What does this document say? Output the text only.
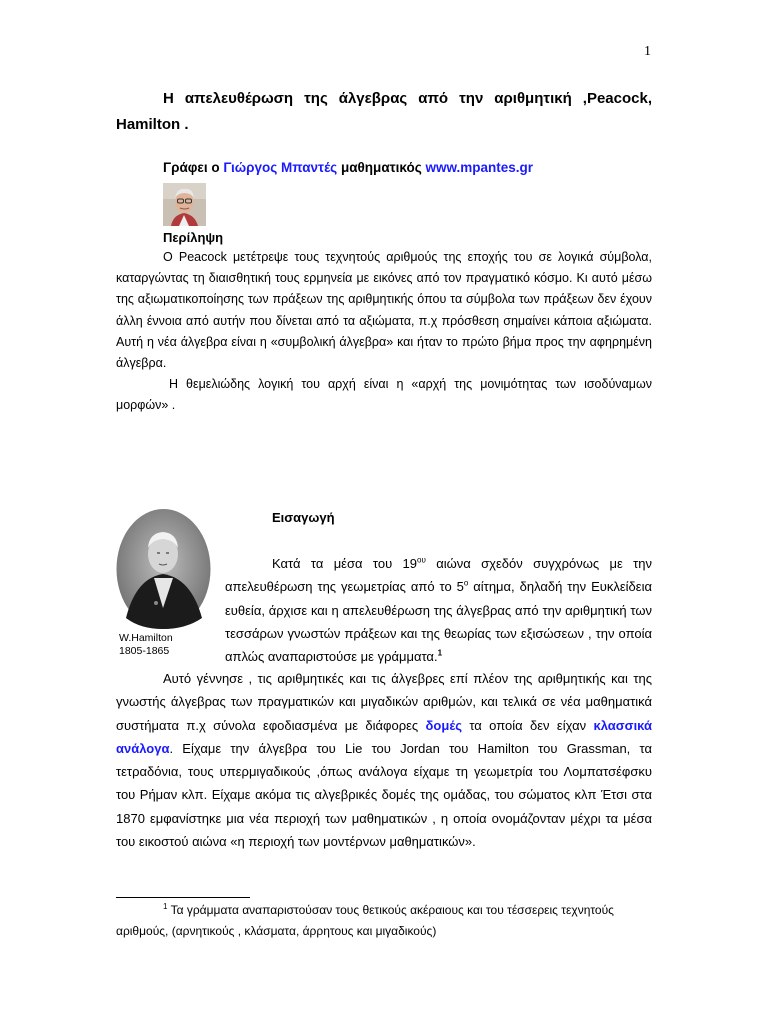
1
Η απελευθέρωση της άλγεβρας από την αριθμητική ,Peacock,
Hamilton .
Γράφει ο Γιώργος Μπαντές μαθηματικός www.mpantes.gr
Περίληψη

Ο Peacock μετέτρεψε τους τεχνητούς αριθμούς της εποχής του σε λογικά σύμβολα, καταργώντας τη διαισθητική τους ερμηνεία με εικόνες από τον πραγματικό κόσμο. Κι αυτό μέσω της αξιωματικοποίησης των πράξεων της αριθμητικής όπου τα σύμβολα των πράξεων δεν έχουν άλλη έννοια από αυτήν που δίνεται από τα αξιώματα, π.χ πρόσθεση σημαίνει κάποια αξιώματα. Αυτή η νέα άλγεβρα είναι η «συμβολική άλγεβρα» και ήταν το πρώτο βήμα προς την αφηρημένη άλγεβρα.

Η θεμελιώδης λογική του αρχή είναι η «αρχή της μονιμότητας των ισοδύναμων μορφών» .

W.Hamilton
1805-1865
Εισαγωγή

Κατά τα μέσα του $19^{o\upsilon}$ αιώνα σχεδόν συγχρόνως με την απελευθέρωση της γεωμετρίας από το $5^o$ αίτημα, δηλαδή την Ευκλείδεια ευθεία, άρχισε και η απελευθέρωση της άλγεβρας από την αριθμητική των τεσσάρων γνωστών πράξεων και της θεωρίας των εξισώσεων , την οποία απλώς αναπαριστούσε με γράμματα.$^1$

Αυτό γέννησε , τις αριθμητικές και τις άλγεβρες επί πλέον της αριθμητικής και της γνωστής άλγεβρας των πραγματικών και μιγαδικών αριθμών, και τελικά σε νέα μαθηματικά συστήματα π.χ σύνολα εφοδιασμένα με διάφορες δομές τα οποία δεν είχαν κλασσικά ανάλογα. Είχαμε την άλγεβρα του Lie του Jordan του Hamilton του Grassman, τα τετραδόνια, τους υπερμιγαδικούς ,όπως ανάλογα είχαμε τη γεωμετρία του Λομπατσέφσκυ του Ρήμαν κλπ. Είχαμε ακόμα τις αλγεβρικές δομές της ομάδας, του σώματος κλπ Έτσι στα 1870 εμφανίστηκε μια νέα περιοχή των μαθηματικών , η οποία ονομάζονταν μέχρι τα μέσα του εικοστού αιώνα «η περιοχή των μοντέρνων μαθηματικών».

$^1$ Τα γράμματα αναπαριστούσαν τους θετικούς ακέραιους και του τέσσερεις τεχνητούς αριθμούς, (αρνητικούς , κλάσματα, άρρητους και μιγαδικούς)
